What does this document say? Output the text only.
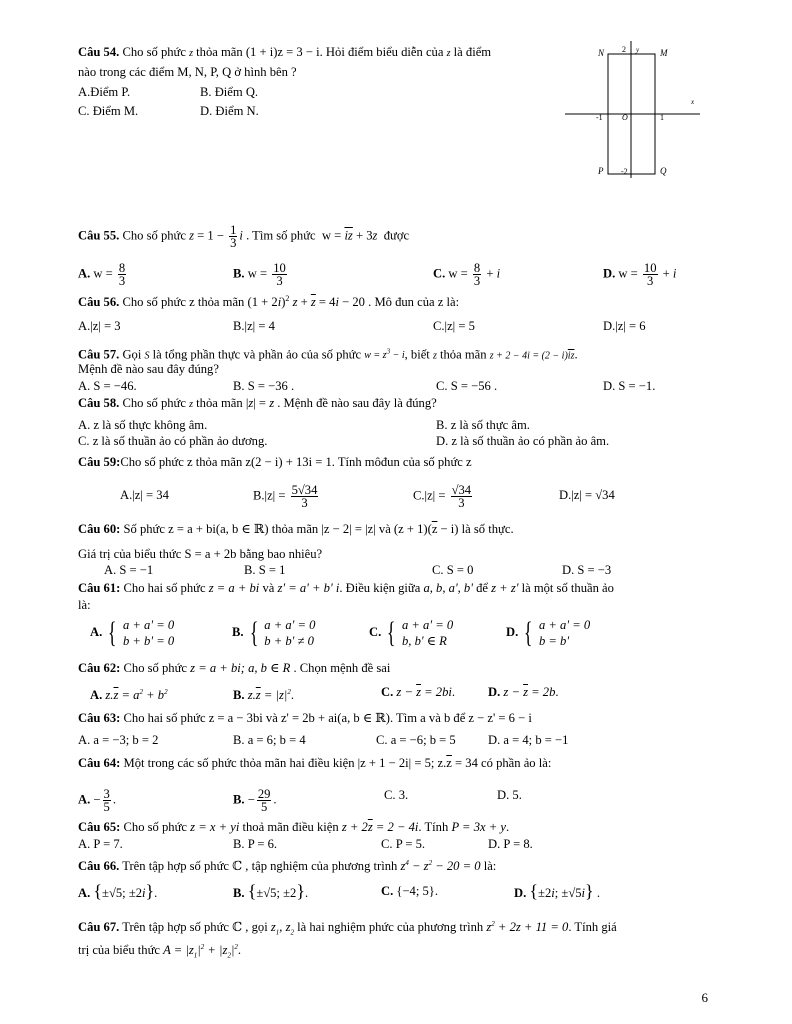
Câu 54. Cho số phức z thỏa mãn (1 + i)z = 3 − i. Hỏi điểm biểu diễn của z là điểm
nào trong các điểm M, N, P, Q ở hình bên ?
A.Điểm P.	B. Điểm Q.
C. Điểm M.	D. Điểm N.
N	M
P	Q
2 y
x
-1 O	1
-2
Câu 55. Cho số phức $z = 1 - \frac{1}{3}$ i . Tìm số phức  $w = \overline{iz} + 3z$ được
A. $w = \frac{8}{3}$	B. $w = \frac{10}{3}$	C. $w = \frac{8}{3} + i$	D. $w = \frac{10}{3} + i$
Câu 56. Cho số phức z thỏa mãn $(1 + 2i)^2$ $z + \overline{z} = 4i - 20$ . Mô đun của z là:
A.|z| = 3	B.|z| = 4	C.|z| = 5	D.|z| = 6
Câu 57. Gọi S là tổng phần thực và phần ảo của số phức $w = z^3 - i$, biết z thỏa mãn $z + 2 - 4i = (2 - i)\overline{iz}$.
Mệnh đề nào sau đây đúng?
A. S = −46.	B. S = −36 .	C. S = −56 .	D. S = −1.
Câu 58. Cho số phức z thỏa mãn |z| = z . Mệnh đề nào sau đây là đúng?
A. z là số thực không âm.	B. z là số thực âm.
C. z là số thuần ảo có phần ảo dương.	D. z là số thuần ảo có phần ảo âm.
Câu 59:Cho số phức z thỏa mãn z(2 − i) + 13i = 1. Tính môđun của số phức z
A.|z| = 34	$B.|z| = \frac{5√34}{3}$	$C.|z| = \frac{√34}{3}$	D.|z| = √34
Câu 60: Số phức z = a + bi(a, b ∈ ℝ) thỏa mãn |z − 2| = |z| và $(z + 1)(\overline{z} - i)$ là số thực.
Giá trị của biểu thức S = a + 2b bằng bao nhiêu?
A. S = −1	B. S = 1	C. S = 0	D. S = −3
Câu 61: Cho hai số phức z = a + bi và z' = a' + b' i. Điều kiện giữa a, b, a', b' để z + z' là một số thuần ảo
là:
A. { a + a' = 0
b + b' = 0
B. { a + a' = 0
b + b' ≠ 0
C. { a + a' = 0
b, b' ∈ R
D. { a + a' = 0
b = b'
Câu 62: Cho số phức z = a + bi; a, b ∈ R . Chọn mệnh đề sai
A. $z.\overline{z} = a^2 + b^2$	B. $z.\overline{z} = |z|^2$.	C. $z - \overline{z} = 2bi$.	D. $z - \overline{z} = 2b$.
Câu 63: Cho hai số phức z = a − 3bi và z' = 2b + ai(a, b ∈ ℝ). Tìm a và b để z − z' = 6 − i
A. a = −3; b = 2	B. a = 6; b = 4	C. a = −6; b = 5	D. a = 4; b = −1
Câu 64: Một trong các số phức thỏa mãn hai điều kiện |z + 1 − 2i| = 5; $z.\overline{z} = 34$ có phần ảo là:
A. − $\frac{3}{5}$ .	B. − $\frac{29}{5}$ .	C. 3.	D. 5.
Câu 65: Cho số phức z = x + yi thoả mãn điều kiện $z + 2\overline{z} = 2 - 4i$. Tính P = 3x + y.
A. P = 7.	B. P = 6.	C. P = 5.	D. P = 8.
Câu 66. Trên tập hợp số phức ℂ , tập nghiệm của phương trình $z^4 - z^2 - 20 = 0$ là:
A. {±√5; ±2i}.	B. {±√5; ±2}.	C. {−4; 5}.	D. {±2i; ±√5i} .
Câu 67. Trên tập hợp số phức ℂ , gọi $z_1$, $z_2$ là hai nghiệm phức của phương trình $z^2 + 2z + 11 = 0$. Tính giá
trị của biểu thức $A = |z_1|^2 + |z_2|^2$.
6
